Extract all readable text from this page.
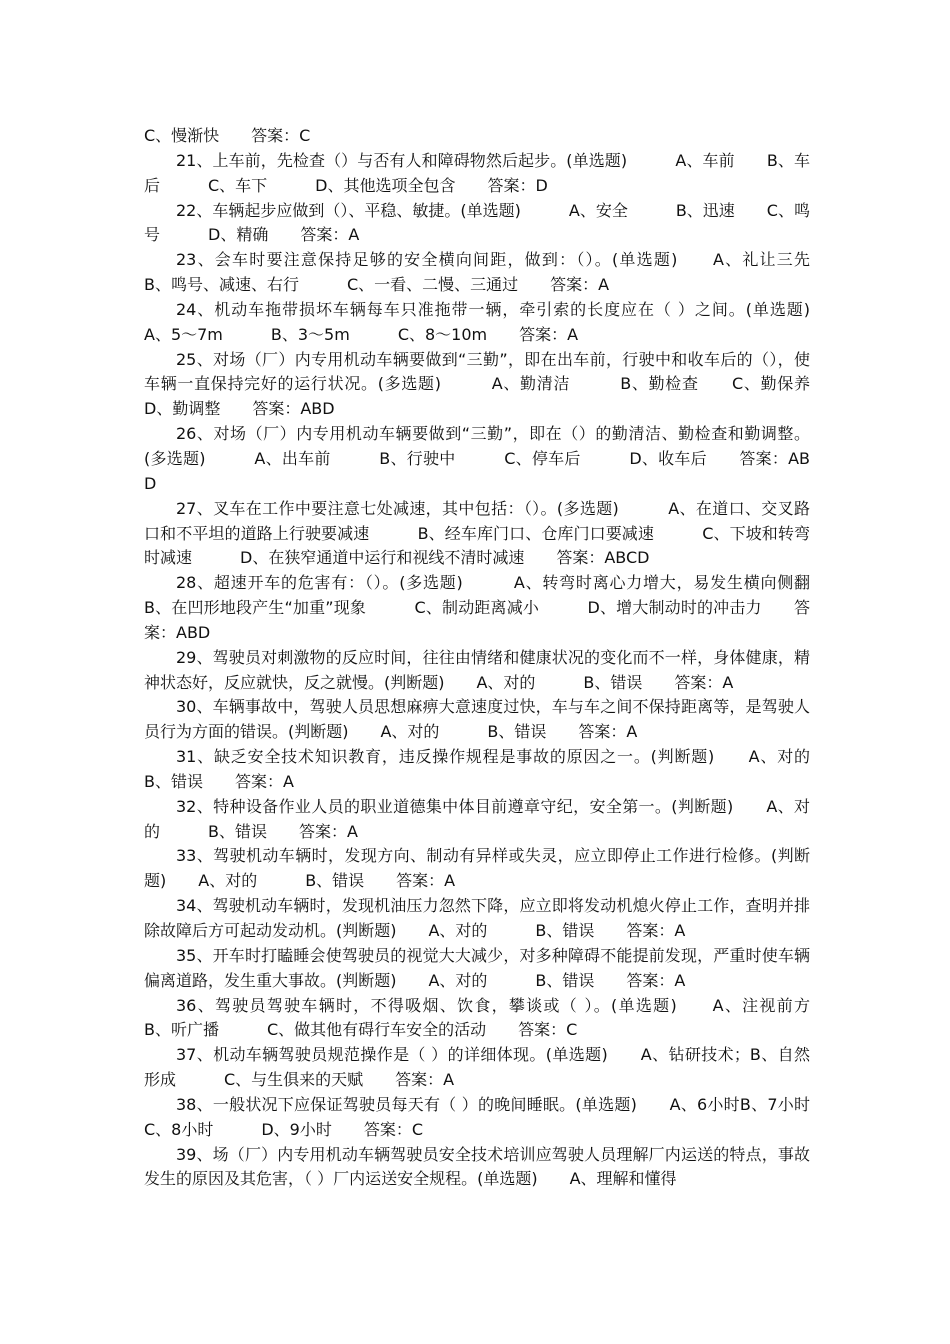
C、慢渐快　　答案：C

21、上车前，先检查（）与否有人和障碍物然后起步。(单选题)　　　A、车前　　B、车后　　　C、车下　　　D、其他选项全包含　　答案：D

22、车辆起步应做到（）、平稳、敏捷。(单选题)　　　A、安全　　　B、迅速　　C、鸣号　　　D、精确　　答案：A

23、会车时要注意保持足够的安全横向间距，做到：（）。(单选题)　　A、礼让三先　　　B、鸣号、减速、右行　　　C、一看、二慢、三通过　　答案：A

24、机动车拖带损坏车辆每车只准拖带一辆，牵引索的长度应在（ ）之间。(单选题)　　A、5～7m　　　B、3～5m　　　C、8～10m　　答案：A

25、对场（厂）内专用机动车辆要做到“三勤”，即在出车前，行驶中和收车后的（），使车辆一直保持完好的运行状况。(多选题)　　　A、勤清洁　　　B、勤检查　　C、勤保养　　　D、勤调整　　答案：ABD

26、对场（厂）内专用机动车辆要做到“三勤”，即在（）的勤清洁、勤检查和勤调整。(多选题)　　　A、出车前　　　B、行驶中　　　C、停车后　　　D、收车后　　答案：ABD

27、叉车在工作中要注意七处减速，其中包括：（）。(多选题)　　　A、在道口、交叉路口和不平坦的道路上行驶要减速　　　B、经车库门口、仓库门口要减速　　　C、下坡和转弯时减速　　　D、在狭窄通道中运行和视线不清时减速　　答案：ABCD

28、超速开车的危害有：（）。(多选题)　　　A、转弯时离心力增大，易发生横向侧翻　　　B、在凹形地段产生“加重”现象　　　C、制动距离减小　　　D、增大制动时的冲击力　　答案：ABD

29、驾驶员对刺激物的反应时间，往往由情绪和健康状况的变化而不一样，身体健康，精神状态好，反应就快，反之就慢。(判断题)　　A、对的　　　B、错误　　答案：A

30、车辆事故中，驾驶人员思想麻痹大意速度过快，车与车之间不保持距离等，是驾驶人员行为方面的错误。(判断题)　　A、对的　　　B、错误　　答案：A

31、缺乏安全技术知识教育，违反操作规程是事故的原因之一。(判断题)　　A、对的　　　B、错误　　答案：A

32、特种设备作业人员的职业道德集中体目前遵章守纪，安全第一。(判断题)　　A、对的　　　B、错误　　答案：A

33、驾驶机动车辆时，发现方向、制动有异样或失灵，应立即停止工作进行检修。(判断题)　　A、对的　　　B、错误　　答案：A

34、驾驶机动车辆时，发现机油压力忽然下降，应立即将发动机熄火停止工作，查明并排除故障后方可起动发动机。(判断题)　　A、对的　　　B、错误　　答案：A

35、开车时打瞌睡会使驾驶员的视觉大大减少，对多种障碍不能提前发现，严重时使车辆偏离道路，发生重大事故。(判断题)　　A、对的　　　B、错误　　答案：A

36、驾驶员驾驶车辆时，不得吸烟、饮食，攀谈或（ ）。(单选题)　　A、注视前方　　　B、听广播　　　C、做其他有碍行车安全的活动　　答案：C

37、机动车辆驾驶员规范操作是（ ）的详细体现。(单选题)　　A、钻研技术；B、自然形成　　　C、与生俱来的天赋　　答案：A

38、一般状况下应保证驾驶员每天有（ ）的晚间睡眠。(单选题)　　A、6小时B、7小时　　　C、8小时　　　D、9小时　　答案：C

39、场（厂）内专用机动车辆驾驶员安全技术培训应驾驶人员理解厂内运送的特点，事故发生的原因及其危害，（ ）厂内运送安全规程。(单选题)　　A、理解和懂得
